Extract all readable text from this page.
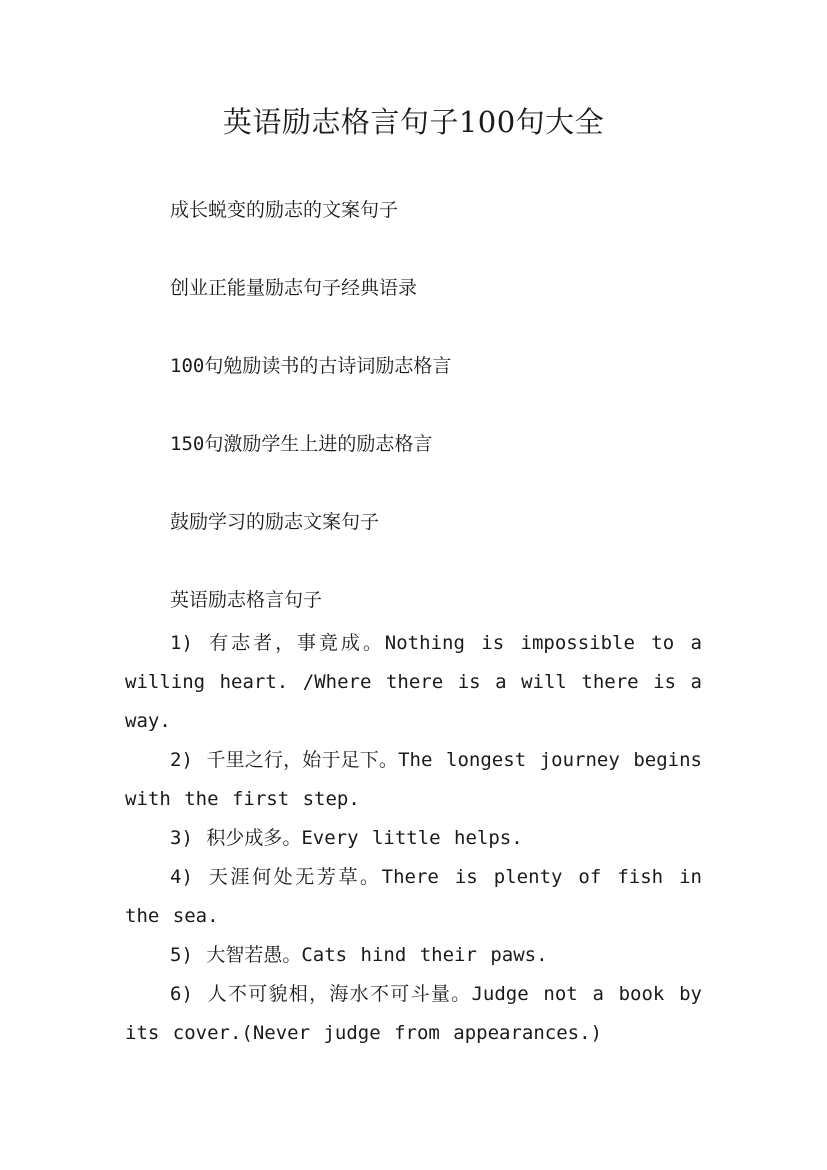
英语励志格言句子100句大全

成长蜕变的励志的文案句子

创业正能量励志句子经典语录

100句勉励读书的古诗词励志格言

150句激励学生上进的励志格言

鼓励学习的励志文案句子

英语励志格言句子

1) 有志者，事竟成。Nothing is impossible to a willing heart. /Where there is a will there is a way.

2) 千里之行，始于足下。The longest journey begins with the first step.

3) 积少成多。Every little helps.

4) 天涯何处无芳草。There is plenty of fish in the sea.

5) 大智若愚。Cats hind their paws.

6) 人不可貌相，海水不可斗量。Judge not a book by its cover.(Never judge from appearances.)
